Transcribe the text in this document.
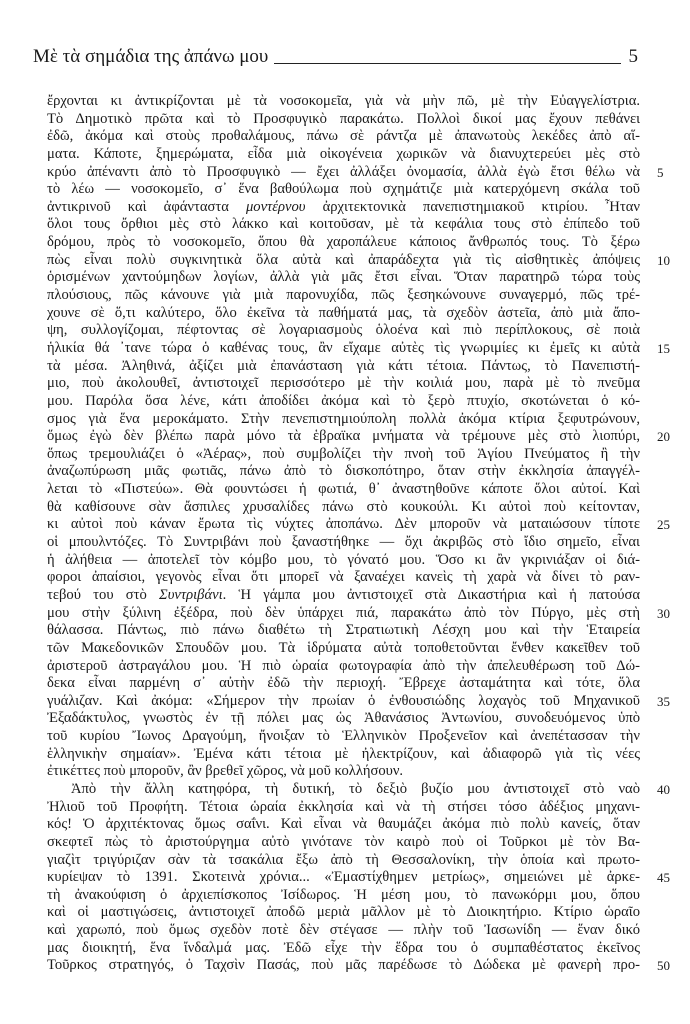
Μὲ τὰ σημάδια της ἀπάνω μου	5
ἔρχονται κι ἀντικρίζονται μὲ τὰ νοσοκομεῖα, γιὰ νὰ μὴν πῶ, μὲ τὴν Εὐαγγελίστρια.
Τὸ Δημοτικὸ πρῶτα καὶ τὸ Προσφυγικὸ παρακάτω. Πολλοὶ δικοί μας ἔχουν πεθάνει
ἐδῶ, ἀκόμα καὶ στοὺς προθαλάμους, πάνω σὲ ράντζα μὲ ἀπανωτοὺς λεκέδες ἀπὸ αἵ-
ματα. Κάποτε, ξημερώματα, εἶδα μιὰ οἰκογένεια χωρικῶν νὰ διανυχτερεύει μὲς στὸ
κρύο ἀπέναντι ἀπὸ τὸ Προσφυγικὸ — ἔχει ἀλλάξει ὀνομασία, ἀλλὰ ἐγὼ ἔτσι θέλω νὰ 5
τὸ λέω — νοσοκομεῖο, σ᾽ ἕνα βαθούλωμα ποὺ σχημάτιζε μιὰ κατερχόμενη σκάλα τοῦ
ἀντικρινοῦ καὶ ἀφάνταστα μοντέρνου ἀρχιτεκτονικὰ πανεπιστημιακοῦ κτιρίου. Ἦταν
ὅλοι τους ὄρθιοι μὲς στὸ λάκκο καὶ κοιτοῦσαν, μὲ τὰ κεφάλια τους στὸ ἐπίπεδο τοῦ
δρόμου, πρὸς τὸ νοσοκομεῖο, ὅπου θὰ χαροπάλευε κάποιος ἄνθρωπός τους. Τὸ ξέρω
πὼς εἶναι πολὺ συγκινητικὰ ὅλα αὐτὰ καὶ ἀπαράδεχτα γιὰ τὶς αἰσθητικὲς ἀπόψεις 10
ὁρισμένων χαντούμηδων λογίων, ἀλλὰ γιὰ μᾶς ἔτσι εἶναι. Ὅταν παρατηρῶ τώρα τοὺς
πλούσιους, πῶς κάνουνε γιὰ μιὰ παρονυχίδα, πῶς ξεσηκώνουνε συναγερμό, πῶς τρέ-
χουνε σὲ ὅ,τι καλύτερο, ὅλο ἐκεῖνα τὰ παθήματά μας, τὰ σχεδὸν ἀστεῖα, ἀπὸ μιὰ ἄπο-
ψη, συλλογίζομαι, πέφτοντας σὲ λογαριασμοὺς ὁλοένα καὶ πιὸ περίπλοκους, σὲ ποιὰ
ἡλικία θά ᾽τανε τώρα ὁ καθένας τους, ἂν εἴχαμε αὐτὲς τὶς γνωριμίες κι ἐμεῖς κι αὐτὰ 15
τὰ μέσα. Ἀληθινά, ἀξίζει μιὰ ἐπανάσταση γιὰ κάτι τέτοια. Πάντως, τὸ Πανεπιστή-
μιο, ποὺ ἀκολουθεῖ, ἀντιστοιχεῖ περισσότερο μὲ τὴν κοιλιά μου, παρὰ μὲ τὸ πνεῦμα
μου. Παρόλα ὅσα λένε, κάτι ἀποδίδει ἀκόμα καὶ τὸ ξερὸ πτυχίο, σκοτώνεται ὁ κό-
σμος γιὰ ἕνα μεροκάματο. Στὴν πενεπιστημιούπολη πολλὰ ἀκόμα κτίρια ξεφυτρώνουν,
ὅμως ἐγὼ δὲν βλέπω παρὰ μόνο τὰ ἑβραϊκα μνήματα νὰ τρέμουνε μὲς στὸ λιοπύρι, 20
ὅπως τρεμουλιάζει ὁ «Ἀέρας», ποὺ συμβολίζει τὴν πνοὴ τοῦ Ἁγίου Πνεύματος ἢ τὴν
ἀναζωπύρωση μιᾶς φωτιᾶς, πάνω ἀπὸ τὸ δισκοπότηρο, ὅταν στὴν ἐκκλησία ἀπαγγέλ-
λεται τὸ «Πιστεύω». Θὰ φουντώσει ἡ φωτιά, θ᾽ ἀναστηθοῦνε κάποτε ὅλοι αὐτοί. Καὶ
θὰ καθίσουνε σὰν ἄσπιλες χρυσαλίδες πάνω στὸ κουκούλι. Κι αὐτοὶ ποὺ κείτονταν,
κι αὐτοὶ ποὺ κάναν ἔρωτα τὶς νύχτες ἀποπάνω. Δὲν μποροῦν νὰ ματαιώσουν τίποτε 25
οἱ μπουλντόζες. Τὸ Συντριβάνι ποὺ ξαναστήθηκε — ὄχι ἀκριβῶς στὸ ἴδιο σημεῖο, εἶναι
ἡ ἀλήθεια — ἀποτελεῖ τὸν κόμβο μου, τὸ γόνατό μου. Ὅσο κι ἂν γκρινιάξαν οἱ διά-
φοροι ἀπαίσιοι, γεγονὸς εἶναι ὅτι μπορεῖ νὰ ξαναέχει κανεὶς τὴ χαρὰ νὰ δίνει τὸ ραν-
τεβού του στὸ Συντριβάνι. Ἡ γάμπα μου ἀντιστοιχεῖ στὰ Δικαστήρια καὶ ἡ πατούσα
μου στὴν ξύλινη ἐξέδρα, ποὺ δὲν ὑπάρχει πιά, παρακάτω ἀπὸ τὸν Πύργο, μὲς στὴ 30
θάλασσα. Πάντως, πιὸ πάνω διαθέτω τὴ Στρατιωτικὴ Λέσχη μου καὶ τὴν Ἑταιρεία
τῶν Μακεδονικῶν Σπουδῶν μου. Τὰ ἱδρύματα αὐτὰ τοποθετοῦνται ἔνθεν κακεῖθεν τοῦ
ἀριστεροῦ ἀστραγάλου μου. Ἡ πιὸ ὡραία φωτογραφία ἀπὸ τὴν ἀπελευθέρωση τοῦ Δώ-
δεκα εἶναι παρμένη σ᾽ αὐτὴν ἐδῶ τὴν περιοχή. Ἔβρεχε ἀσταμάτητα καὶ τότε, ὅλα
γυάλιζαν. Καὶ ἀκόμα: «Σήμερον τὴν πρωίαν ὁ ἐνθουσιώδης λοχαγὸς τοῦ Μηχανικοῦ 35
Ἐξαδάκτυλος, γνωστὸς ἐν τῇ πόλει μας ὡς Ἀθανάσιος Ἀντωνίου, συνοδευόμενος ὑπὸ
τοῦ κυρίου Ἴωνος Δραγούμη, ἤνοιξαν τὸ Ἑλληνικὸν Προξενεῖον καὶ ἀνεπέτασσαν τὴν
ἑλληνικὴν σημαίαν». Ἐμένα κάτι τέτοια μὲ ἠλεκτρίζουν, καὶ ἀδιαφορῶ γιὰ τὶς νέες
ἐτικέττες ποὺ μποροῦν, ἂν βρεθεῖ χῶρος, νὰ μοῦ κολλήσουν.
Ἀπὸ τὴν ἄλλη κατηφόρα, τὴ δυτική, τὸ δεξιὸ βυζίο μου ἀντιστοιχεῖ στὸ ναὸ 40
Ἠλιοῦ τοῦ Προφήτη. Τέτοια ὡραία ἐκκλησία καὶ νὰ τὴ στήσει τόσο ἀδέξιος μηχανι-
κός! Ὁ ἀρχιτέκτονας ὅμως σαΐνι. Καὶ εἶναι νὰ θαυμάζει ἀκόμα πιὸ πολὺ κανείς, ὅταν
σκεφτεῖ πὼς τὸ ἀριστούργημα αὐτὸ γινότανε τὸν καιρὸ ποὺ οἱ Τοῦρκοι μὲ τὸν Βα-
γιαζὶτ τριγύριζαν σὰν τὰ τσακάλια ἔξω ἀπὸ τὴ Θεσσαλονίκη, τὴν ὁποία καὶ πρωτο-
κυρίεψαν τὸ 1391. Σκοτεινὰ χρόνια... «Ἐμαστίχθημεν μετρίως», σημειώνει μὲ ἀρκε- 45
τὴ ἀνακούφιση ὁ ἀρχιεπίσκοπος Ἰσίδωρος. Ἡ μέση μου, τὸ πανωκόρμι μου, ὅπου
καὶ οἱ μαστιγώσεις, ἀντιστοιχεῖ ἀποδῶ μεριὰ μᾶλλον μὲ τὸ Διοικητήριο. Κτίριο ὡραῖο
καὶ χαρωπό, ποὺ ὅμως σχεδὸν ποτὲ δὲν στέγασε — πλὴν τοῦ Ἰασωνίδη — ἕναν δικό
μας διοικητή, ἕνα ἴνδαλμά μας. Ἐδῶ εἶχε τὴν ἕδρα του ὁ συμπαθέστατος ἐκεῖνος
Τοῦρκος στρατηγός, ὁ Ταχσὶν Πασάς, ποὺ μᾶς παρέδωσε τὸ Δώδεκα μὲ φανερὴ προ- 50
